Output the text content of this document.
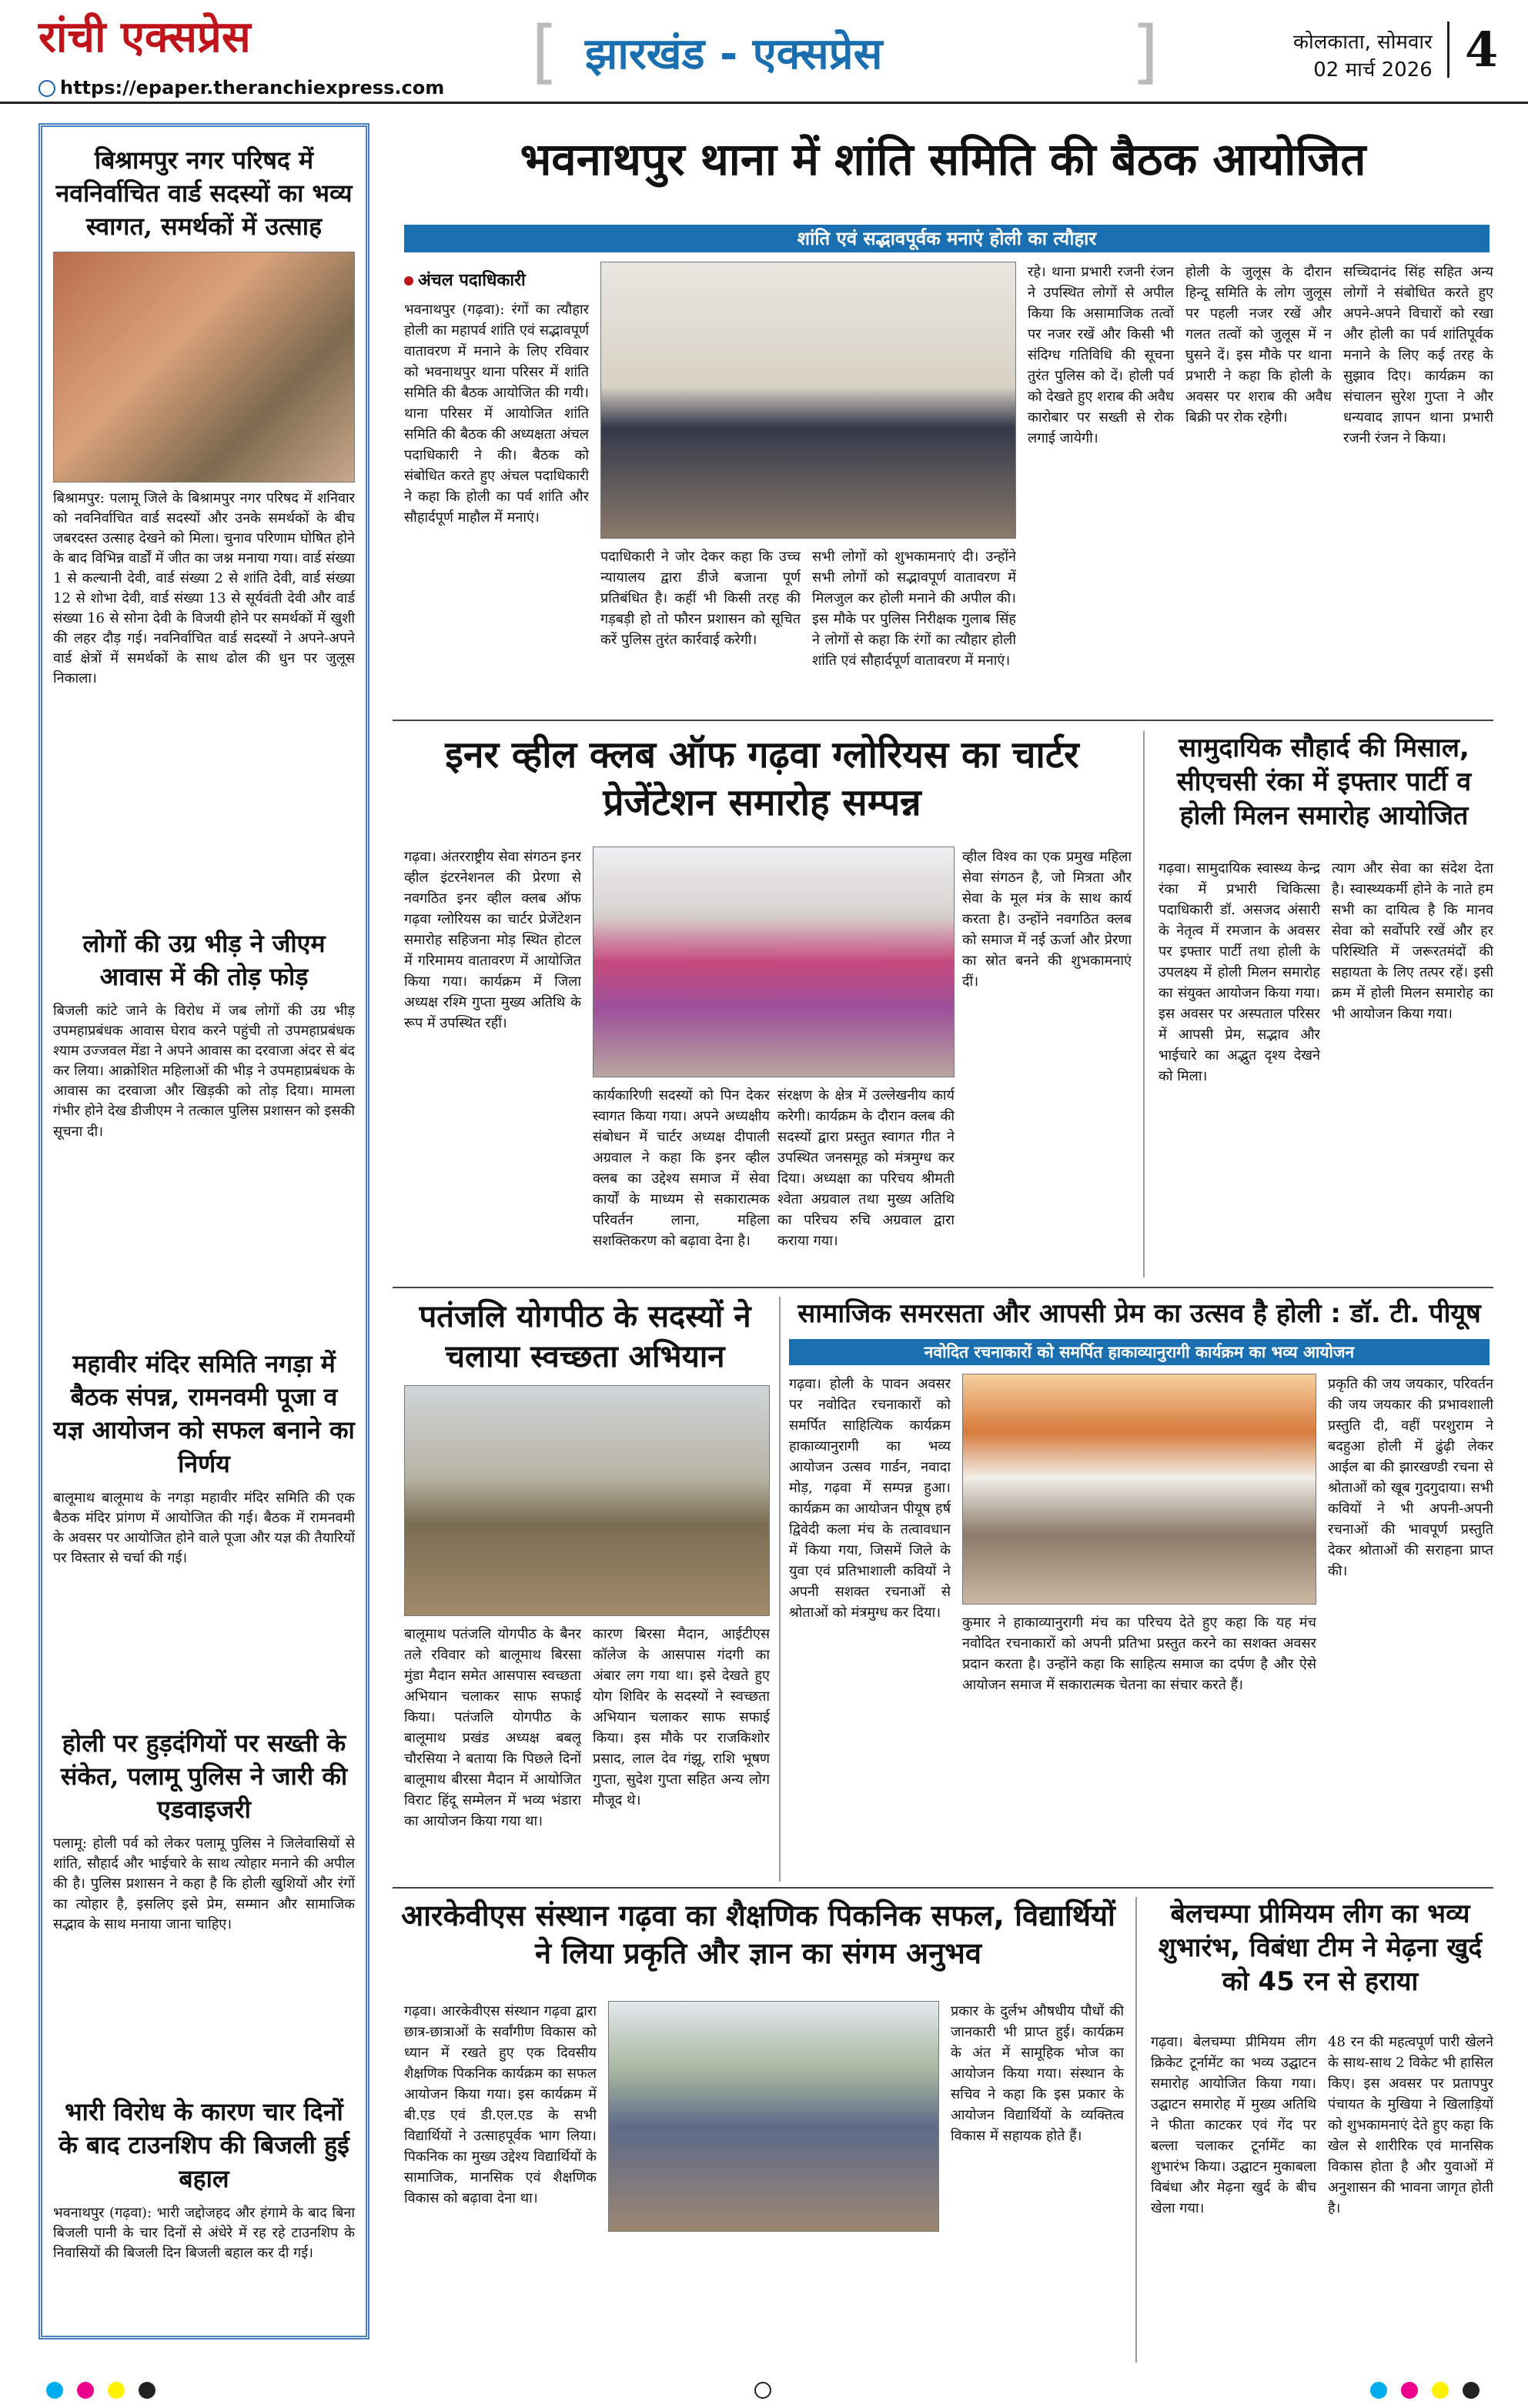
रांची एक्सप्रेस
https://epaper.theranchiexpress.com [ झारखंड - एक्सप्रेस	]	कोलकाता, सोमवार
02 मार्च 2026 4
बिश्रामपुर नगर परिषद में नवनिर्वाचित वार्ड सदस्यों का भव्य स्वागत, समर्थकों में उत्साह
बिश्रामपुर: पलामू जिले के बिश्रामपुर नगर परिषद में शनिवार को नवनिर्वाचित वार्ड सदस्यों और उनके समर्थकों के बीच जबरदस्त उत्साह देखने को मिला। चुनाव परिणाम घोषित होने के बाद विभिन्न वार्डों में जीत का जश्न मनाया गया। वार्ड संख्या 1 से कल्यानी देवी, वार्ड संख्या 2 से शांति देवी, वार्ड संख्या 12 से शोभा देवी, वार्ड संख्या 13 से सूर्यवंती देवी और वार्ड संख्या 16 से सोना देवी के विजयी होने पर समर्थकों में खुशी की लहर दौड़ गई। नवनिर्वाचित वार्ड सदस्यों ने अपने-अपने वार्ड क्षेत्रों में समर्थकों के साथ ढोल की धुन पर जुलूस निकाला।
लोगों की उग्र भीड़ ने जीएम आवास में की तोड़ फोड़
बिजली कांटे जाने के विरोध में जब लोगों की उग्र भीड़ उपमहाप्रबंधक आवास घेराव करने पहुंची तो उपमहाप्रबंधक श्याम उज्जवल मेंडा ने अपने आवास का दरवाजा अंदर से बंद कर लिया। आक्रोशित महिलाओं की भीड़ ने उपमहाप्रबंधक के आवास का दरवाजा और खिड़की को तोड़ दिया। मामला गंभीर होने देख डीजीएम ने तत्काल पुलिस प्रशासन को इसकी सूचना दी।
महावीर मंदिर समिति नगड़ा में बैठक संपन्न, रामनवमी पूजा व यज्ञ आयोजन को सफल बनाने का निर्णय
बालूमाथ बालूमाथ के नगड़ा महावीर मंदिर समिति की एक बैठक मंदिर प्रांगण में आयोजित की गई। बैठक में रामनवमी के अवसर पर आयोजित होने वाले पूजा और यज्ञ की तैयारियों पर विस्तार से चर्चा की गई।
होली पर हुड़दंगियों पर सख्ती के संकेत, पलामू पुलिस ने जारी की एडवाइजरी
पलामू: होली पर्व को लेकर पलामू पुलिस ने जिलेवासियों से शांति, सौहार्द और भाईचारे के साथ त्योहार मनाने की अपील की है। पुलिस प्रशासन ने कहा है कि होली खुशियों और रंगों का त्योहार है, इसलिए इसे प्रेम, सम्मान और सामाजिक सद्भाव के साथ मनाया जाना चाहिए।
भारी विरोध के कारण चार दिनों के बाद टाउनशिप की बिजली हुई बहाल
भवनाथपुर (गढ़वा): भारी जद्दोजहद और हंगामे के बाद बिना बिजली पानी के चार दिनों से अंधेरे में रह रहे टाउनशिप के निवासियों की बिजली दिन बिजली बहाल कर दी गई।
भवनाथपुर थाना में शांति समिति की बैठक आयोजित
शांति एवं सद्भावपूर्वक मनाएं होली का त्यौहार
अंचल पदाधिकारी
भवनाथपुर (गढ़वा): रंगों का त्यौहार होली का महापर्व शांति एवं सद्भावपूर्ण वातावरण में मनाने के लिए रविवार को भवनाथपुर थाना परिसर में शांति समिति की बैठक आयोजित की गयी। थाना परिसर में आयोजित शांति समिति की बैठक की अध्यक्षता अंचल पदाधिकारी ने की। बैठक को संबोधित करते हुए अंचल पदाधिकारी ने कहा कि होली का पर्व शांति और सौहार्दपूर्ण माहौल में मनाएं।
पदाधिकारी ने जोर देकर कहा कि उच्च न्यायालय द्वारा डीजे बजाना पूर्ण प्रतिबंधित है। कहीं भी किसी तरह की गड़बड़ी हो तो फौरन प्रशासन को सूचित करें पुलिस तुरंत कार्रवाई करेगी।
सभी लोगों को शुभकामनाएं दी। उन्होंने सभी लोगों को सद्भावपूर्ण वातावरण में मिलजुल कर होली मनाने की अपील की। इस मौके पर पुलिस निरीक्षक गुलाब सिंह ने लोगों से कहा कि रंगों का त्यौहार होली शांति एवं सौहार्दपूर्ण वातावरण में मनाएं।
रहे। थाना प्रभारी रजनी रंजन ने उपस्थित लोगों से अपील किया कि असामाजिक तत्वों पर नजर रखें और किसी भी संदिग्ध गतिविधि की सूचना तुरंत पुलिस को दें। होली पर्व को देखते हुए शराब की अवैध कारोबार पर सख्ती से रोक लगाई जायेगी।
होली के जुलूस के दौरान हिन्दू समिति के लोग जुलूस पर पहली नजर रखें और गलत तत्वों को जुलूस में न घुसने दें। इस मौके पर थाना प्रभारी ने कहा कि होली के अवसर पर शराब की अवैध बिक्री पर रोक रहेगी।
सच्चिदानंद सिंह सहित अन्य लोगों ने संबोधित करते हुए अपने-अपने विचारों को रखा और होली का पर्व शांतिपूर्वक मनाने के लिए कई तरह के सुझाव दिए। कार्यक्रम का संचालन सुरेश गुप्ता ने और धन्यवाद ज्ञापन थाना प्रभारी रजनी रंजन ने किया।
इनर व्हील क्लब ऑफ गढ़वा ग्लोरियस का चार्टर प्रेजेंटेशन समारोह सम्पन्न
गढ़वा। अंतरराष्ट्रीय सेवा संगठन इनर व्हील इंटरनेशनल की प्रेरणा से नवगठित इनर व्हील क्लब ऑफ गढ़वा ग्लोरियस का चार्टर प्रेजेंटेशन समारोह सहिजना मोड़ स्थित होटल में गरिमामय वातावरण में आयोजित किया गया। कार्यक्रम में जिला अध्यक्ष रश्मि गुप्ता मुख्य अतिथि के रूप में उपस्थित रहीं।
कार्यकारिणी सदस्यों को पिन देकर स्वागत किया गया। अपने अध्यक्षीय संबोधन में चार्टर अध्यक्ष दीपाली अग्रवाल ने कहा कि इनर व्हील क्लब का उद्देश्य समाज में सेवा कार्यों के माध्यम से सकारात्मक परिवर्तन लाना, महिला सशक्तिकरण को बढ़ावा देना है।
संरक्षण के क्षेत्र में उल्लेखनीय कार्य करेगी। कार्यक्रम के दौरान क्लब की सदस्यों द्वारा प्रस्तुत स्वागत गीत ने उपस्थित जनसमूह को मंत्रमुग्ध कर दिया। अध्यक्षा का परिचय श्रीमती श्वेता अग्रवाल तथा मुख्य अतिथि का परिचय रुचि अग्रवाल द्वारा कराया गया।
व्हील विश्व का एक प्रमुख महिला सेवा संगठन है, जो मित्रता और सेवा के मूल मंत्र के साथ कार्य करता है। उन्होंने नवगठित क्लब को समाज में नई ऊर्जा और प्रेरणा का स्रोत बनने की शुभकामनाएं दीं।
सामुदायिक सौहार्द की मिसाल, सीएचसी रंका में इफ्तार पार्टी व होली मिलन समारोह आयोजित
गढ़वा। सामुदायिक स्वास्थ्य केन्द्र रंका में प्रभारी चिकित्सा पदाधिकारी डॉ. असजद अंसारी के नेतृत्व में रमजान के अवसर पर इफ्तार पार्टी तथा होली के उपलक्ष्य में होली मिलन समारोह का संयुक्त आयोजन किया गया। इस अवसर पर अस्पताल परिसर में आपसी प्रेम, सद्भाव और भाईचारे का अद्भुत दृश्य देखने को मिला।
त्याग और सेवा का संदेश देता है। स्वास्थ्यकर्मी होने के नाते हम सभी का दायित्व है कि मानव सेवा को सर्वोपरि रखें और हर परिस्थिति में जरूरतमंदों की सहायता के लिए तत्पर रहें। इसी क्रम में होली मिलन समारोह का भी आयोजन किया गया।
पतंजलि योगपीठ के सदस्यों ने चलाया स्वच्छता अभियान
बालूमाथ पतंजलि योगपीठ के बैनर तले रविवार को बालूमाथ बिरसा मुंडा मैदान समेत आसपास स्वच्छता अभियान चलाकर साफ सफाई किया। पतंजलि योगपीठ के बालूमाथ प्रखंड अध्यक्ष बबलू चौरसिया ने बताया कि पिछले दिनों बालूमाथ बीरसा मैदान में आयोजित विराट हिंदू सम्मेलन में भव्य भंडारा का आयोजन किया गया था।
कारण बिरसा मैदान, आईटीएस कॉलेज के आसपास गंदगी का अंबार लग गया था। इसे देखते हुए योग शिविर के सदस्यों ने स्वच्छता अभियान चलाकर साफ सफाई किया। इस मौके पर राजकिशोर प्रसाद, लाल देव गंझू, राशि भूषण गुप्ता, सुदेश गुप्ता सहित अन्य लोग मौजूद थे।
सामाजिक समरसता और आपसी प्रेम का उत्सव है होली : डॉ. टी. पीयूष
नवोदित रचनाकारों को समर्पित हाकाव्यानुरागी कार्यक्रम का भव्य आयोजन
गढ़वा। होली के पावन अवसर पर नवोदित रचनाकारों को समर्पित साहित्यिक कार्यक्रम हाकाव्यानुरागी का भव्य आयोजन उत्सव गार्डन, नवादा मोड़, गढ़वा में सम्पन्न हुआ। कार्यक्रम का आयोजन पीयूष हर्ष द्विवेदी कला मंच के तत्वावधान में किया गया, जिसमें जिले के युवा एवं प्रतिभाशाली कवियों ने अपनी सशक्त रचनाओं से श्रोताओं को मंत्रमुग्ध कर दिया।
कुमार ने हाकाव्यानुरागी मंच का परिचय देते हुए कहा कि यह मंच नवोदित रचनाकारों को अपनी प्रतिभा प्रस्तुत करने का सशक्त अवसर प्रदान करता है। उन्होंने कहा कि साहित्य समाज का दर्पण है और ऐसे आयोजन समाज में सकारात्मक चेतना का संचार करते हैं।
प्रकृति की जय जयकार, परिवर्तन की जय जयकार की प्रभावशाली प्रस्तुति दी, वहीं परशुराम ने बदहुआ होली में ढुंढ़ी लेकर आईल बा की झारखण्डी रचना से श्रोताओं को खूब गुदगुदाया। सभी कवियों ने भी अपनी-अपनी रचनाओं की भावपूर्ण प्रस्तुति देकर श्रोताओं की सराहना प्राप्त की।
आरकेवीएस संस्थान गढ़वा का शैक्षणिक पिकनिक सफल, विद्यार्थियों ने लिया प्रकृति और ज्ञान का संगम अनुभव
गढ़वा। आरकेवीएस संस्थान गढ़वा द्वारा छात्र-छात्राओं के सर्वांगीण विकास को ध्यान में रखते हुए एक दिवसीय शैक्षणिक पिकनिक कार्यक्रम का सफल आयोजन किया गया। इस कार्यक्रम में बी.एड एवं डी.एल.एड के सभी विद्यार्थियों ने उत्साहपूर्वक भाग लिया। पिकनिक का मुख्य उद्देश्य विद्यार्थियों के सामाजिक, मानसिक एवं शैक्षणिक विकास को बढ़ावा देना था।
प्रकार के दुर्लभ औषधीय पौधों की जानकारी भी प्राप्त हुई। कार्यक्रम के अंत में सामूहिक भोज का आयोजन किया गया। संस्थान के सचिव ने कहा कि इस प्रकार के आयोजन विद्यार्थियों के व्यक्तित्व विकास में सहायक होते हैं।
बेलचम्पा प्रीमियम लीग का भव्य शुभारंभ, विबंधा टीम ने मेढ़ना खुर्द को 45 रन से हराया
गढ़वा। बेलचम्पा प्रीमियम लीग क्रिकेट टूर्नामेंट का भव्य उद्घाटन समारोह आयोजित किया गया। उद्घाटन समारोह में मुख्य अतिथि ने फीता काटकर एवं गेंद पर बल्ला चलाकर टूर्नामेंट का शुभारंभ किया। उद्घाटन मुकाबला विबंधा और मेढ़ना खुर्द के बीच खेला गया।
48 रन की महत्वपूर्ण पारी खेलने के साथ-साथ 2 विकेट भी हासिल किए। इस अवसर पर प्रतापपुर पंचायत के मुखिया ने खिलाड़ियों को शुभकामनाएं देते हुए कहा कि खेल से शारीरिक एवं मानसिक विकास होता है और युवाओं में अनुशासन की भावना जागृत होती है।
